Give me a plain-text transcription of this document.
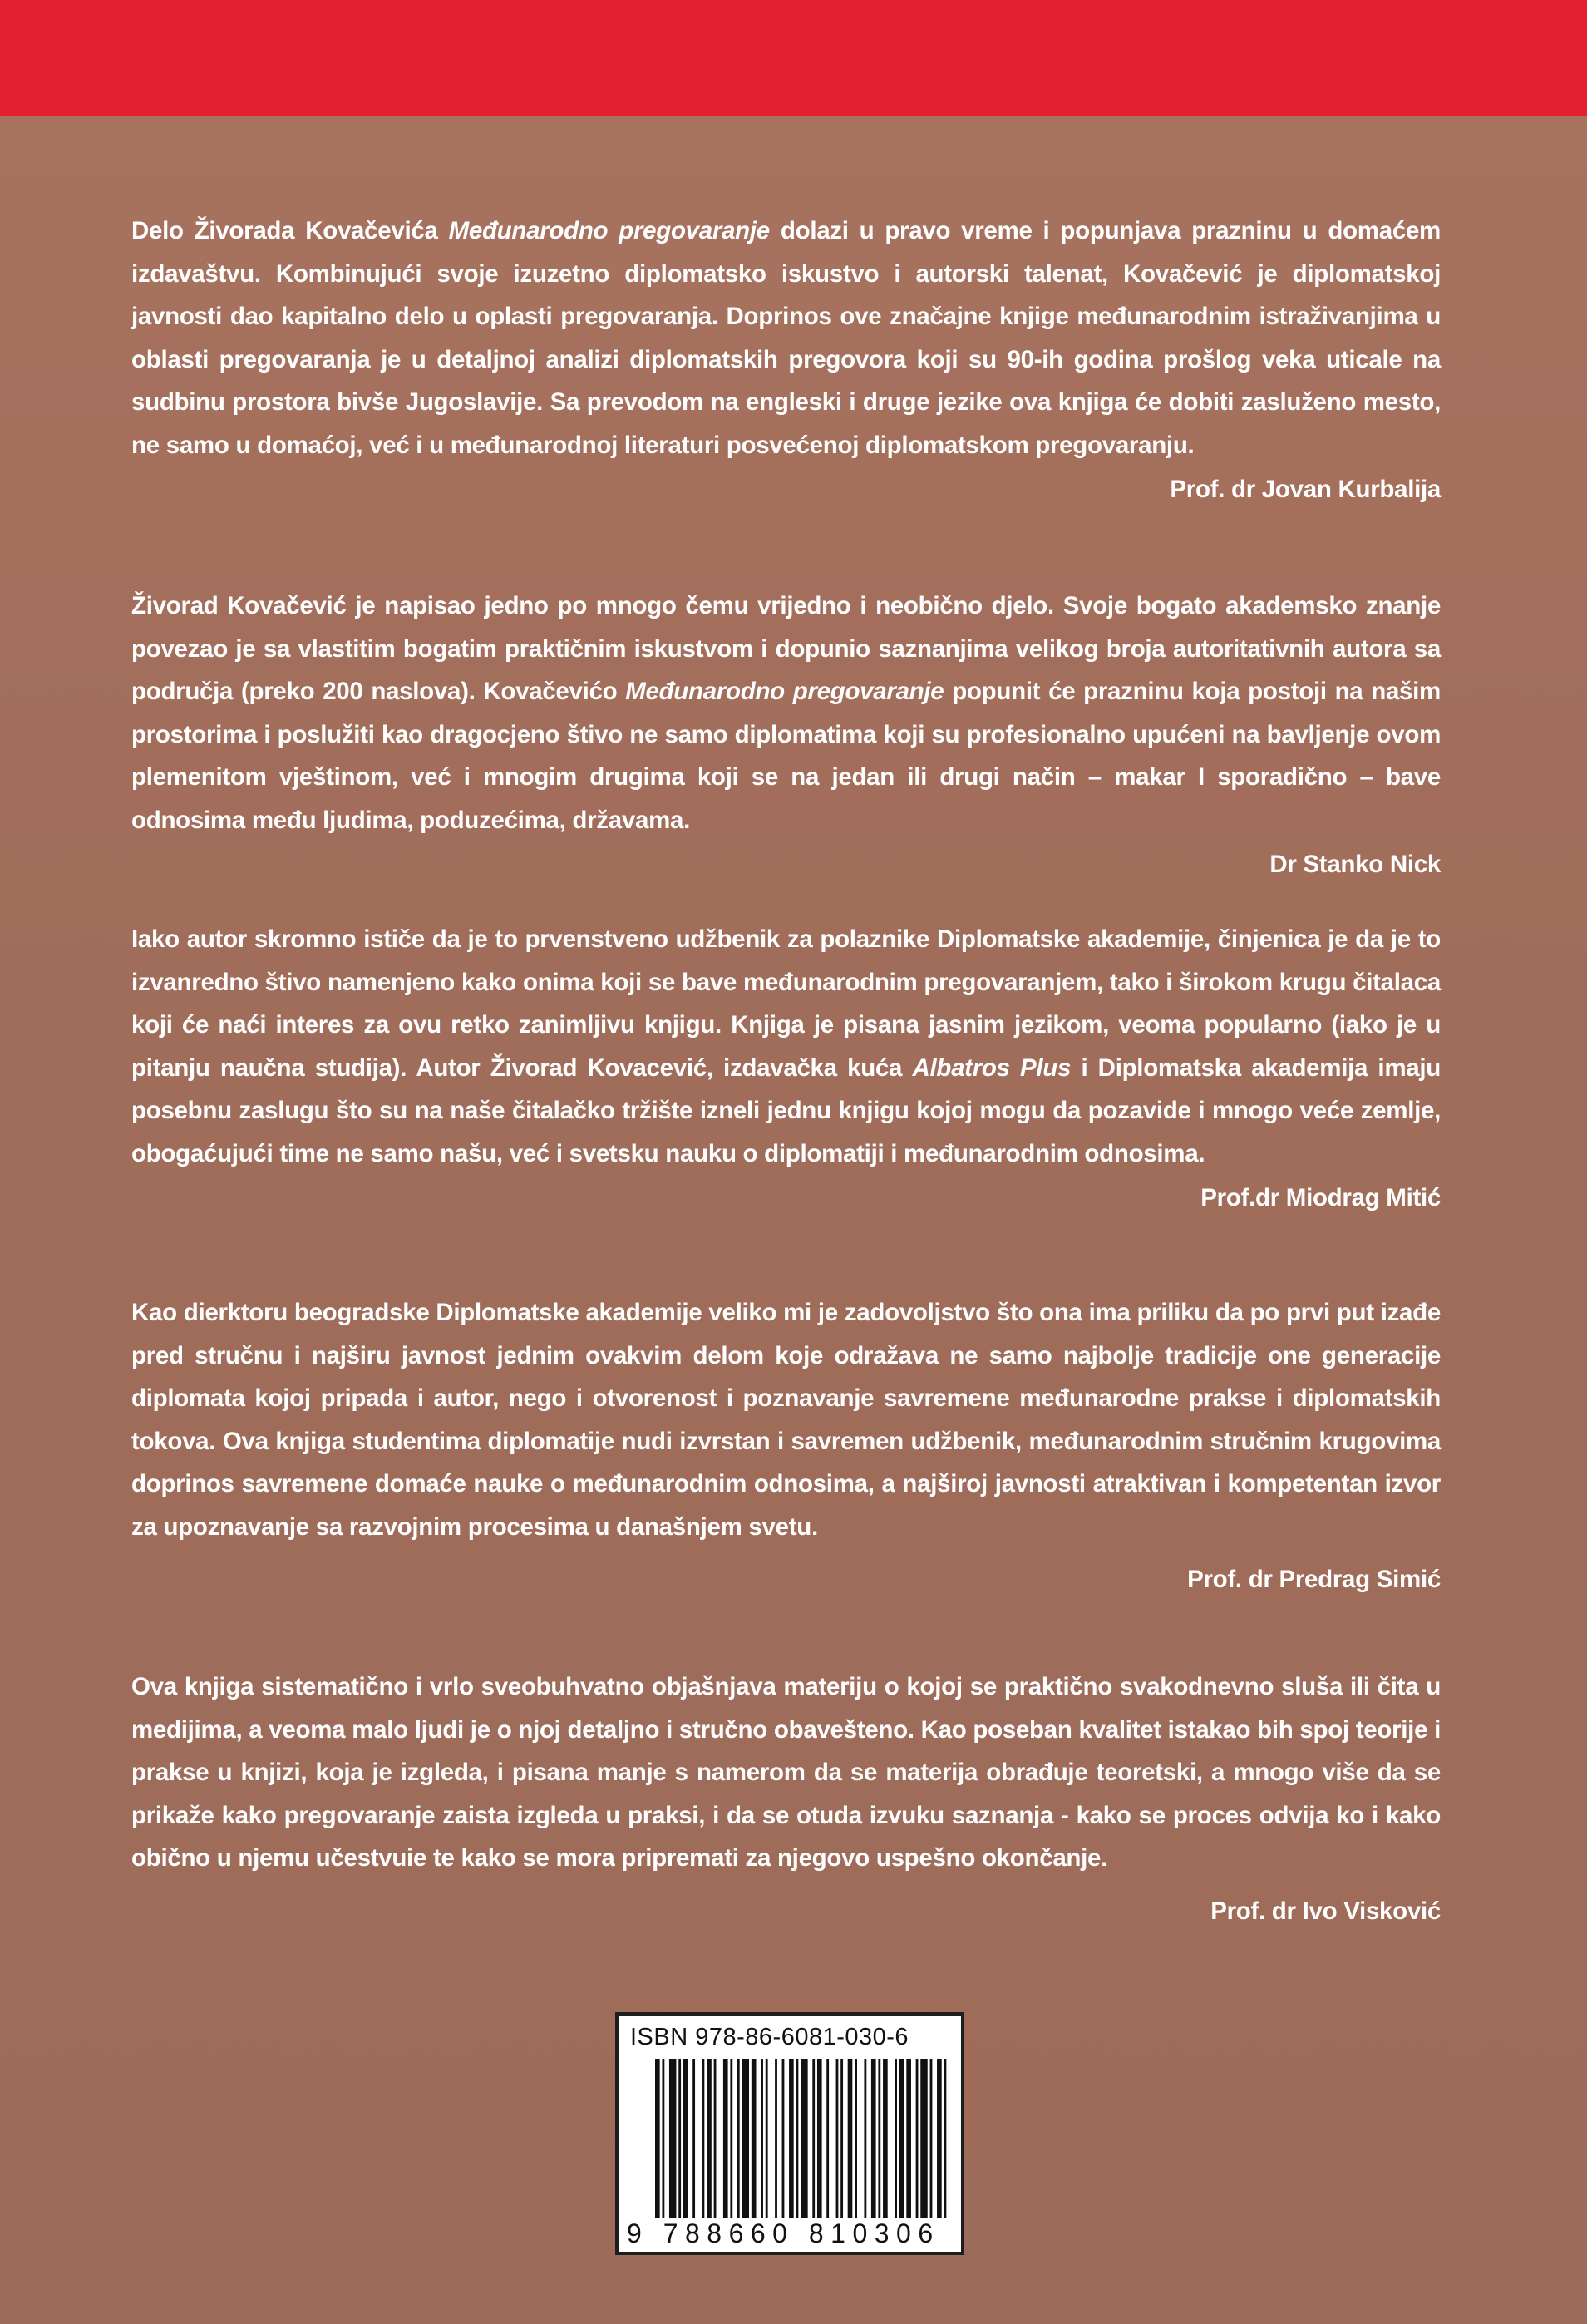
Delo Živorada Kovačevića Međunarodno pregovaranje dolazi u pravo vreme i popunjava prazninu u domaćem izdavaštvu. Kombinujući svoje izuzetno diplomatsko iskustvo i autorski talenat, Kovačević je diplomatskoj javnosti dao kapitalno delo u oplasti pregovaranja. Doprinos ove značajne knjige međunarodnim istraživanjima u oblasti pregovaranja je u detaljnoj analizi diplomatskih pregovora koji su 90-ih godina prošlog veka uticale na sudbinu prostora bivše Jugoslavije. Sa prevodom na engleski i druge jezike ova knjiga će dobiti zasluženo mesto, ne samo u domaćoj, već i u međunarodnoj literaturi posvećenoj diplomatskom pregovaranju.

Prof. dr Jovan Kurbalija

Živorad Kovačević je napisao jedno po mnogo čemu vrijedno i neobično djelo. Svoje bogato akademsko znanje povezao je sa vlastitim bogatim praktičnim iskustvom i dopunio saznanjima velikog broja autoritativnih autora sa područja (preko 200 naslova). Kovačevićo Međunarodno pregovaranje popunit će prazninu koja postoji na našim prostorima i poslužiti kao dragocjeno štivo ne samo diplomatima koji su profesionalno upućeni na bavljenje ovom plemenitom vještinom, već i mnogim drugima koji se na jedan ili drugi način – makar I sporadično – bave odnosima među ljudima, poduzećima, državama.

Dr Stanko Nick

Iako autor skromno ističe da je to prvenstveno udžbenik za polaznike Diplomatske akademije, činjenica je da je to izvanredno štivo namenjeno kako onima koji se bave međunarodnim pregovaranjem, tako i širokom krugu čitalaca koji će naći interes za ovu retko zanimljivu knjigu. Knjiga je pisana jasnim jezikom, veoma popularno (iako je u pitanju naučna studija). Autor Živorad Kovacević, izdavačka kuća Albatros Plus i Diplomatska akademija imaju posebnu zaslugu što su na naše čitalačko tržište izneli jednu knjigu kojoj mogu da pozavide i mnogo veće zemlje, obogaćujući time ne samo našu, već i svetsku nauku o diplomatiji i međunarodnim odnosima.

Prof.dr Miodrag Mitić

Kao dierktoru beogradske Diplomatske akademije veliko mi je zadovoljstvo što ona ima priliku da po prvi put izađe pred stručnu i najširu javnost jednim ovakvim delom koje odražava ne samo najbolje tradicije one generacije diplomata kojoj pripada i autor, nego i otvorenost i poznavanje savremene međunarodne prakse i diplomatskih tokova. Ova knjiga studentima diplomatije nudi izvrstan i savremen udžbenik, međunarodnim stručnim krugovima doprinos savremene domaće nauke o međunarodnim odnosima, a najširoj javnosti atraktivan i kompetentan izvor za upoznavanje sa razvojnim procesima u današnjem svetu.

Prof. dr Predrag Simić

Ova knjiga sistematično i vrlo sveobuhvatno objašnjava materiju o kojoj se praktično svakodnevno sluša ili čita u medijima, a veoma malo ljudi je o njoj detaljno i stručno obavešteno. Kao poseban kvalitet istakao bih spoj teorije i prakse u knjizi, koja je izgleda, i pisana manje s namerom da se materija obrađuje teoretski, a mnogo više da se prikaže kako pregovaranje zaista izgleda u praksi, i da se otuda izvuku saznanja - kako se proces odvija ko i kako obično u njemu učestvuie te kako se mora pripremati za njegovo uspešno okončanje.

Prof. dr Ivo Visković

ISBN 978-86-6081-030-6
9 788660 810306
